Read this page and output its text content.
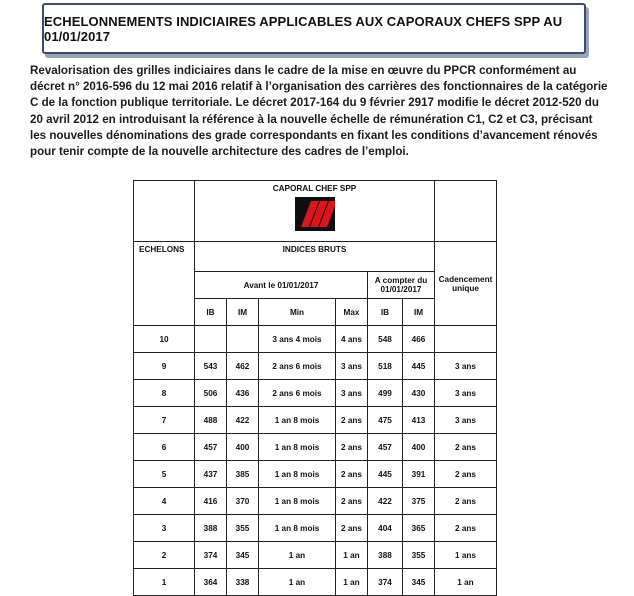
ECHELONNEMENTS INDICIAIRES APPLICABLES AUX CAPORAUX CHEFS SPP AU 01/01/2017

Revalorisation des grilles indiciaires dans le cadre de la mise en œuvre du PPCR conformément au décret n° 2016-596 du 12 mai 2016 relatif à l’organisation des carrières des fonctionnaires de la catégorie C de la fonction publique territoriale. Le décret 2017-164 du 9 février 2917 modifie le décret 2012-520 du 20 avril 2012 en introduisant la référence à la nouvelle échelle de rémunération C1, C2 et C3, précisant les nouvelles dénominations des grade correspondants en fixant les conditions d’avancement rénovés pour tenir compte de la nouvelle architecture des cadres de l’emploi.

	CAPORAL CHEF SPP						

ECHELONS	INDICES BRUTS						Cadencement unique
	Avant le 01/01/2017				A compter du 01/01/2017		
	IB	IM	Min	Max	IB	IM	
10			3 ans 4 mois	4 ans	548	466	
9	543	462	2 ans 6 mois	3 ans	518	445	3 ans
8	506	436	2 ans 6 mois	3 ans	499	430	3 ans
7	488	422	1 an 8 mois	2 ans	475	413	3 ans
6	457	400	1 an 8 mois	2 ans	457	400	2 ans
5	437	385	1 an 8 mois	2 ans	445	391	2 ans
4	416	370	1 an 8 mois	2 ans	422	375	2 ans
3	388	355	1 an 8 mois	2 ans	404	365	2 ans
2	374	345	1 an	1 an	388	355	1 ans
1	364	338	1 an	1 an	374	345	1 an
